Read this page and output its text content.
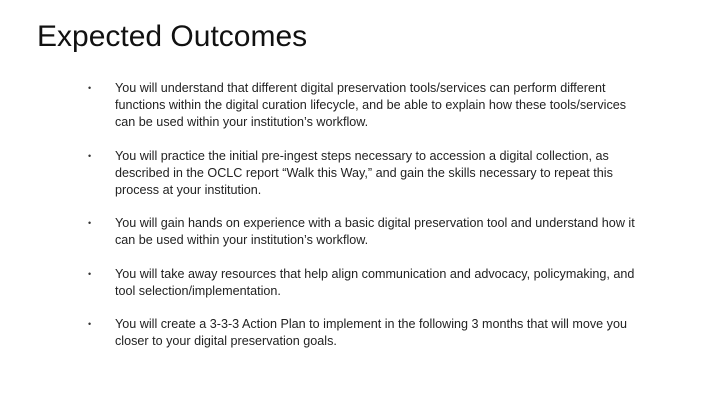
Expected Outcomes
• You will understand that different digital preservation tools/services can perform different functions within the digital curation lifecycle, and be able to explain how these tools/services can be used within your institution’s workflow.
• You will practice the initial pre-ingest steps necessary to accession a digital collection, as described in the OCLC report “Walk this Way,” and gain the skills necessary to repeat this process at your institution.
• You will gain hands on experience with a basic digital preservation tool and understand how it can be used within your institution’s workflow.
• You will take away resources that help align communication and advocacy, policymaking, and tool selection/implementation.
• You will create a 3-3-3 Action Plan to implement in the following 3 months that will move you closer to your digital preservation goals.
